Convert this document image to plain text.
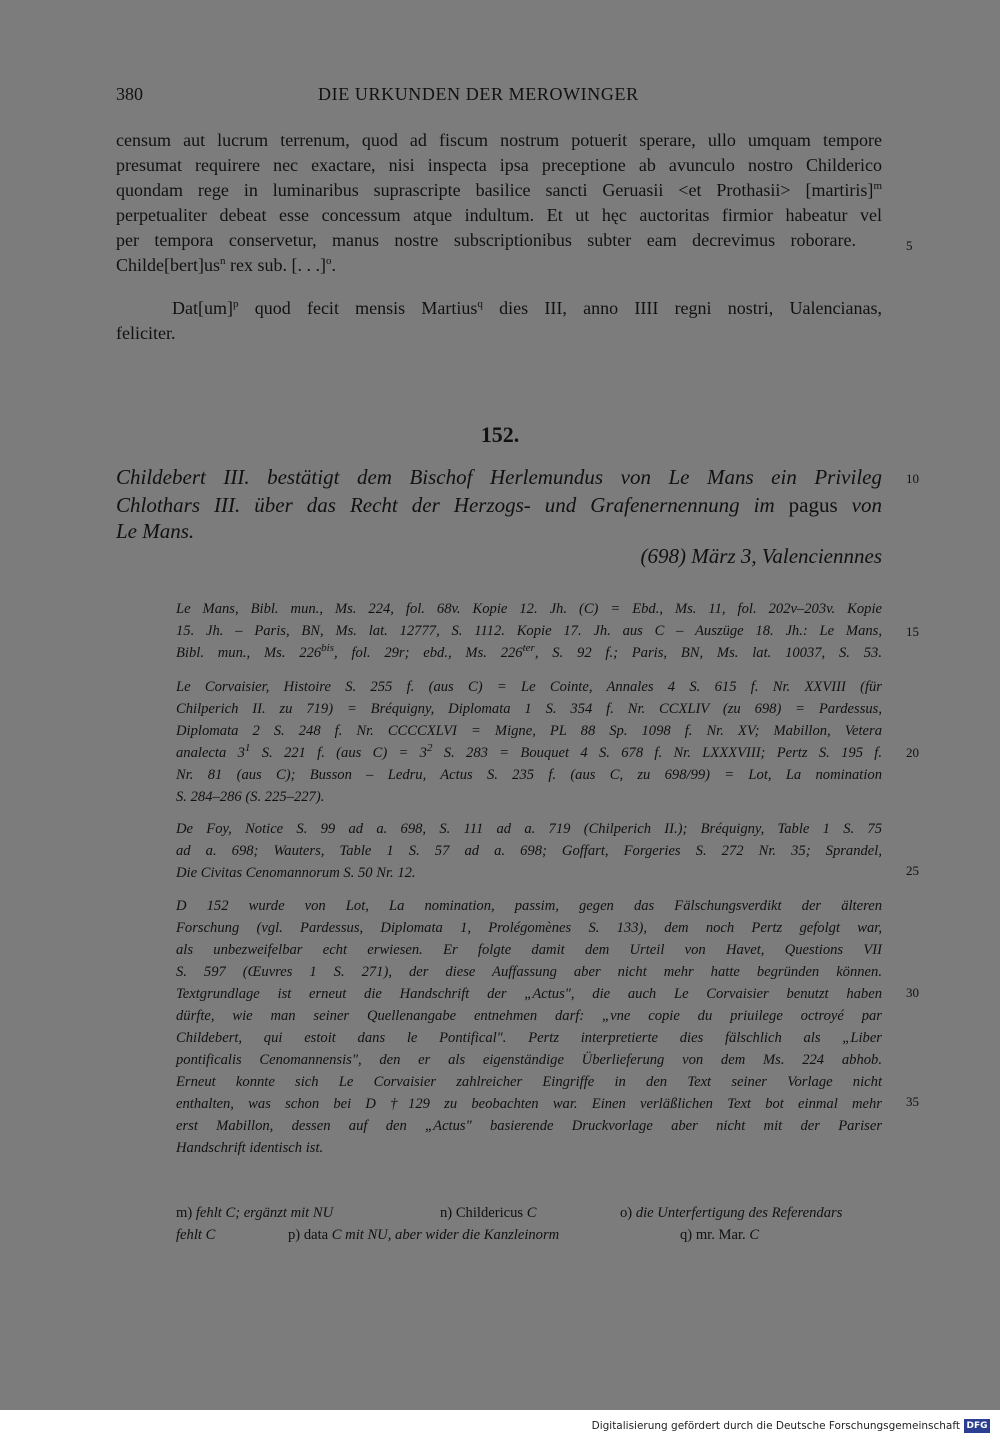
380	DIE URKUNDEN DER MEROWINGER
censum aut lucrum terrenum, quod ad fiscum nostrum potuerit sperare, ullo umquam tempore
presumat requirere nec exactare, nisi inspecta ipsa preceptione ab avunculo nostro Childerico
quondam rege in luminaribus suprascripte basilice sancti Geruasii <et Prothasii> [martiris]$^m$
perpetualiter debeat esse concessum atque indultum. Et ut hęc auctoritas firmior habeatur vel
per tempora conservetur, manus nostre subscriptionibus subter eam decrevimus roborare.
$Childe[bert]us^n$ rex sub. [. . .]$^o$.
Dat[um]$^p$ quod fecit mensis Martius$^q$ dies III, anno IIII regni nostri, Ualencianas,
feliciter.
152.
Childebert III. bestätigt dem Bischof Herlemundus von Le Mans ein Privileg
Chlothars III. über das Recht der Herzogs- und Grafenernennung im pagus von
Le Mans.
(698) März 3, Valenciennnes
Le Mans, Bibl. mun., Ms. 224, fol. 68v. Kopie 12. Jh. (C) = Ebd., Ms. 11, fol. 202v–203v. Kopie
15. Jh. – Paris, BN, Ms. lat. 12777, S. 1112. Kopie 17. Jh. aus C – Auszüge 18. Jh.: Le Mans,
Bibl. mun., Ms. $226^{bis}$, fol. 29r; ebd., Ms. $226^{ter}$, S. 92 f.; Paris, BN, Ms. lat. 10037, S. 53.
Le Corvaisier, Histoire S. 255 f. (aus C) = Le Cointe, Annales 4 S. 615 f. Nr. XXVIII (für
Chilperich II. zu 719) = Bréquigny, Diplomata 1 S. 354 f. Nr. CCXLIV (zu 698) = Pardessus,
Diplomata 2 S. 248 f. Nr. CCCCXLVI = Migne, PL 88 Sp. 1098 f. Nr. XV; Mabillon, Vetera
analecta $3^1$ S. 221 f. (aus $C) = 3^2$ S. 283 = Bouquet 4 S. 678 f. Nr. LXXXVIII; Pertz S. 195 f.
Nr. 81 (aus C); Busson – Ledru, Actus S. 235 f. (aus C, zu 698/99) = Lot, La nomination
S. 284–286 (S. 225–227).
De Foy, Notice S. 99 ad a. 698, S. 111 ad a. 719 (Chilperich II.); Bréquigny, Table 1 S. 75
ad a. 698; Wauters, Table 1 S. 57 ad a. 698; Goffart, Forgeries S. 272 Nr. 35; Sprandel,
Die Civitas Cenomannorum S. 50 Nr. 12.
D 152 wurde von Lot, La nomination, passim, gegen das Fälschungsverdikt der älteren
Forschung (vgl. Pardessus, Diplomata 1, Prolégomènes S. 133), dem noch Pertz gefolgt war,
als unbezweifelbar echt erwiesen. Er folgte damit dem Urteil von Havet, Questions VII
S. 597 (Œuvres 1 S. 271), der diese Auffassung aber nicht mehr hatte begründen können.
Textgrundlage ist erneut die Handschrift der „Actus", die auch Le Corvaisier benutzt haben
dürfte, wie man seiner Quellenangabe entnehmen darf: „vne copie du priuilege octroyé par
Childebert, qui estoit dans le Pontifical". Pertz interpretierte dies fälschlich als „Liber
pontificalis Cenomannensis", den er als eigenständige Überlieferung von dem Ms. 224 abhob.
Erneut konnte sich Le Corvaisier zahlreicher Eingriffe in den Text seiner Vorlage nicht
enthalten, was schon bei D †129 zu beobachten war. Einen verläßlichen Text bot einmal mehr
erst Mabillon, dessen auf den „Actus" basierende Druckvorlage aber nicht mit der Pariser
Handschrift identisch ist.
5
10
15
20
25
30
35
m) fehlt C; ergänzt mit NU	n) Childericus C	o) die Unterfertigung des Referendars
fehlt C	p) data C mit NU, aber wider die Kanzleinorm	q) mr. Mar. C
Digitalisierung gefördert durch die Deutsche Forschungsgemeinschaft DFG
